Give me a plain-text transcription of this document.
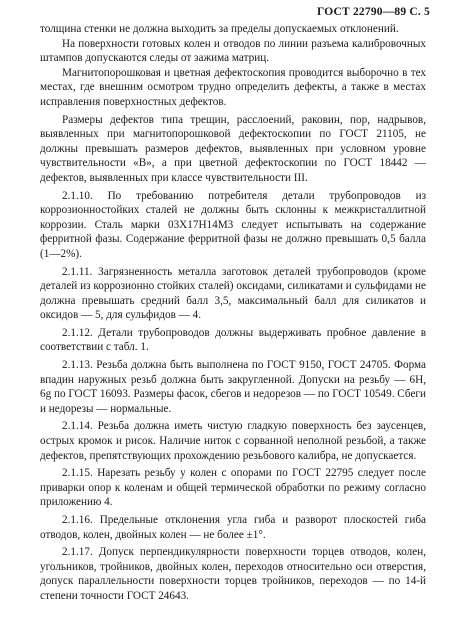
ГОСТ 22790—89 С. 5

толщина стенки не должна выходить за пределы допускаемых отклонений.

На поверхности готовых колен и отводов по линии разъема калибровочных штампов допускаются следы от зажима матриц.

Магнитопорошковая и цветная дефектоскопия проводится выборочно в тех местах, где внешним осмотром трудно определить дефекты, а также в местах исправления поверхностных дефектов.

Размеры дефектов типа трещин, расслоений, раковин, пор, надрывов, выявленных при магнитопорошковой дефектоскопии по ГОСТ 21105, не должны превышать размеров дефектов, выявленных при условном уровне чувствительности «В», а при цветной дефектоскопии по ГОСТ 18442 — дефектов, выявленных при классе чувствительности III.

2.1.10. По требованию потребителя детали трубопроводов из коррозионностойких сталей не должны быть склонны к межкристаллитной коррозии. Сталь марки 03Х17Н14М3 следует испытывать на содержание ферритной фазы. Содержание ферритной фазы не должно превышать 0,5 балла (1—2%).

2.1.11. Загрязненность металла заготовок деталей трубопроводов (кроме деталей из коррозионно стойких сталей) оксидами, силикатами и сульфидами не должна превышать средний балл 3,5, максимальный балл для силикатов и оксидов — 5, для сульфидов — 4.

2.1.12. Детали трубопроводов должны выдерживать пробное давление в соответствии с табл. 1.

2.1.13. Резьба должна быть выполнена по ГОСТ 9150, ГОСТ 24705. Форма впадин наружных резьб должна быть закругленной. Допуски на резьбу — 6Н, 6g по ГОСТ 16093. Размеры фасок, сбегов и недорезов — по ГОСТ 10549. Сбеги и недорезы — нормальные.

2.1.14. Резьба должна иметь чистую гладкую поверхность без заусенцев, острых кромок и рисок. Наличие ниток с сорванной неполной резьбой, а также дефектов, препятствующих прохождению резьбового калибра, не допускается.

2.1.15. Нарезать резьбу у колен с опорами по ГОСТ 22795 следует после приварки опор к коленам и общей термической обработки по режиму согласно приложению 4.

2.1.16. Предельные отклонения угла гиба и разворот плоскостей гиба отводов, колен, двойных колен — не более ±1°.

2.1.17. Допуск перпендикулярности поверхности торцев отводов, колен, угольников, тройников, двойных колен, переходов относительно оси отверстия, допуск параллельности поверхности торцев тройников, переходов — по 14-й степени точности ГОСТ 24643.
